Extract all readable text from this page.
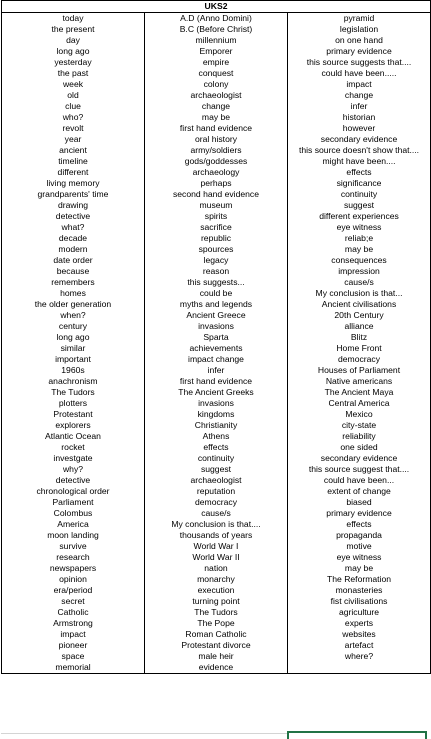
UKS2		
today	A.D (Anno Domini)	pyramid
the present	B.C (Before Christ)	legislation
day	millennium	on one hand
long ago	Emporer	primary evidence
yesterday	empire	this source suggests that....
the past	conquest	could have been.....
week	colony	impact
old	archaeologist	change
clue	change	infer
who?	may be	historian
revolt	first hand evidence	however
year	oral history	secondary evidence
ancient	army/soldiers	this source doesn't show that....
timeline	gods/goddesses	might have been....
different	archaeology	effects
living memory	perhaps	significance
grandparents' time	second hand evidence	continuity
drawing	museum	suggest
detective	spirits	different experiences
what?	sacrifice	eye witness
decade	republic	reliab;e
modern	spources	may be
date order	legacy	consequences
because	reason	impression
remembers	this suggests...	cause/s
homes	could be	My conclusion is that...
the older generation	myths and legends	Ancient civilisations
when?	Ancient Greece	20th Century
century	invasions	alliance
long ago	Sparta	Blitz
similar	achievements	Home Front
important	impact change	democracy
1960s	infer	Houses of Parliament
anachronism	first hand evidence	Native americans
The Tudors	The Ancient Greeks	The Ancient Maya
plotters	invasions	Central America
Protestant	kingdoms	Mexico
explorers	Christianity	city-state
Atlantic Ocean	Athens	reliability
rocket	effects	one sided
investgate	continuity	secondary evidence
why?	suggest	this source suggest that....
detective	archaeologist	could have been...
chronological order	reputation	extent of change
Parliament	democracy	biased
Colombus	cause/s	primary evidence
America	My conclusion is that....	effects
moon landing	thousands of years	propaganda
survive	World War I	motive
research	World War II	eye witness
newspapers	nation	may be
opinion	monarchy	The Reformation
era/period	execution	monasteries
secret	turning point	fist civilisations
Catholic	The Tudors	agriculture
Armstrong	The Pope	experts
impact	Roman Catholic	websites
pioneer	Protestant divorce	artefact
space	male heir	where?
memorial	evidence	
